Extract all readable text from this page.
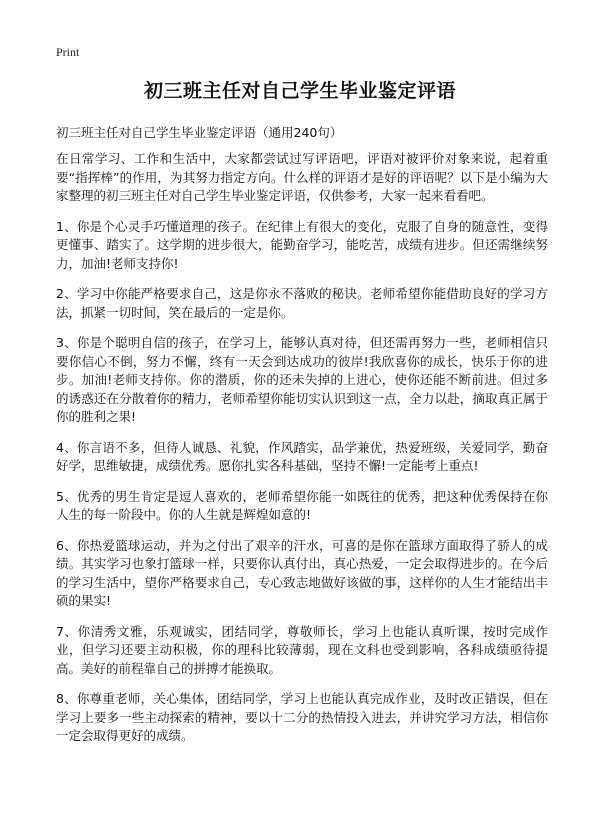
Print
初三班主任对自己学生毕业鉴定评语

初三班主任对自己学生毕业鉴定评语（通用240句）

在日常学习、工作和生活中，大家都尝试过写评语吧，评语对被评价对象来说，起着重要“指挥棒”的作用，为其努力指定方向。什么样的评语才是好的评语呢？以下是小编为大家整理的初三班主任对自己学生毕业鉴定评语，仅供参考，大家一起来看看吧。

1、你是个心灵手巧懂道理的孩子。在纪律上有很大的变化，克服了自身的随意性，变得更懂事、踏实了。这学期的进步很大，能勤奋学习，能吃苦，成绩有进步。但还需继续努力，加油!老师支持你!

2、学习中你能严格要求自己，这是你永不落败的秘诀。老师希望你能借助良好的学习方法，抓紧一切时间，笑在最后的一定是你。

3、你是个聪明自信的孩子，在学习上，能够认真对待，但还需再努力一些，老师相信只要你信心不倒，努力不懈，终有一天会到达成功的彼岸!我欣喜你的成长，快乐于你的进步。加油!老师支持你。你的潜质，你的还未失掉的上进心，使你还能不断前进。但过多的诱惑还在分散着你的精力，老师希望你能切实认识到这一点，全力以赴，摘取真正属于你的胜利之果!

4、你言语不多，但待人诚恳、礼貌，作风踏实，品学兼优，热爱班级，关爱同学，勤奋好学，思维敏捷，成绩优秀。愿你扎实各科基础，坚持不懈!一定能考上重点!

5、优秀的男生肯定是逗人喜欢的，老师希望你能一如既往的优秀，把这种优秀保持在你人生的每一阶段中。你的人生就是辉煌如意的!

6、你热爱篮球运动，并为之付出了艰辛的汗水，可喜的是你在篮球方面取得了骄人的成绩。其实学习也象打篮球一样，只要你认真付出，真心热爱，一定会取得进步的。在今后的学习生活中，望你严格要求自己，专心致志地做好该做的事，这样你的人生才能结出丰硕的果实!

7、你清秀文雅，乐观诚实，团结同学，尊敬师长，学习上也能认真听课，按时完成作业，但学习还要主动积极，你的理科比较薄弱，现在文科也受到影响，各科成绩亟待提高。美好的前程靠自己的拼搏才能换取。

8、你尊重老师，关心集体，团结同学，学习上也能认真完成作业，及时改正错误，但在学习上要多一些主动探索的精神，要以十二分的热情投入进去，并讲究学习方法，相信你一定会取得更好的成绩。
